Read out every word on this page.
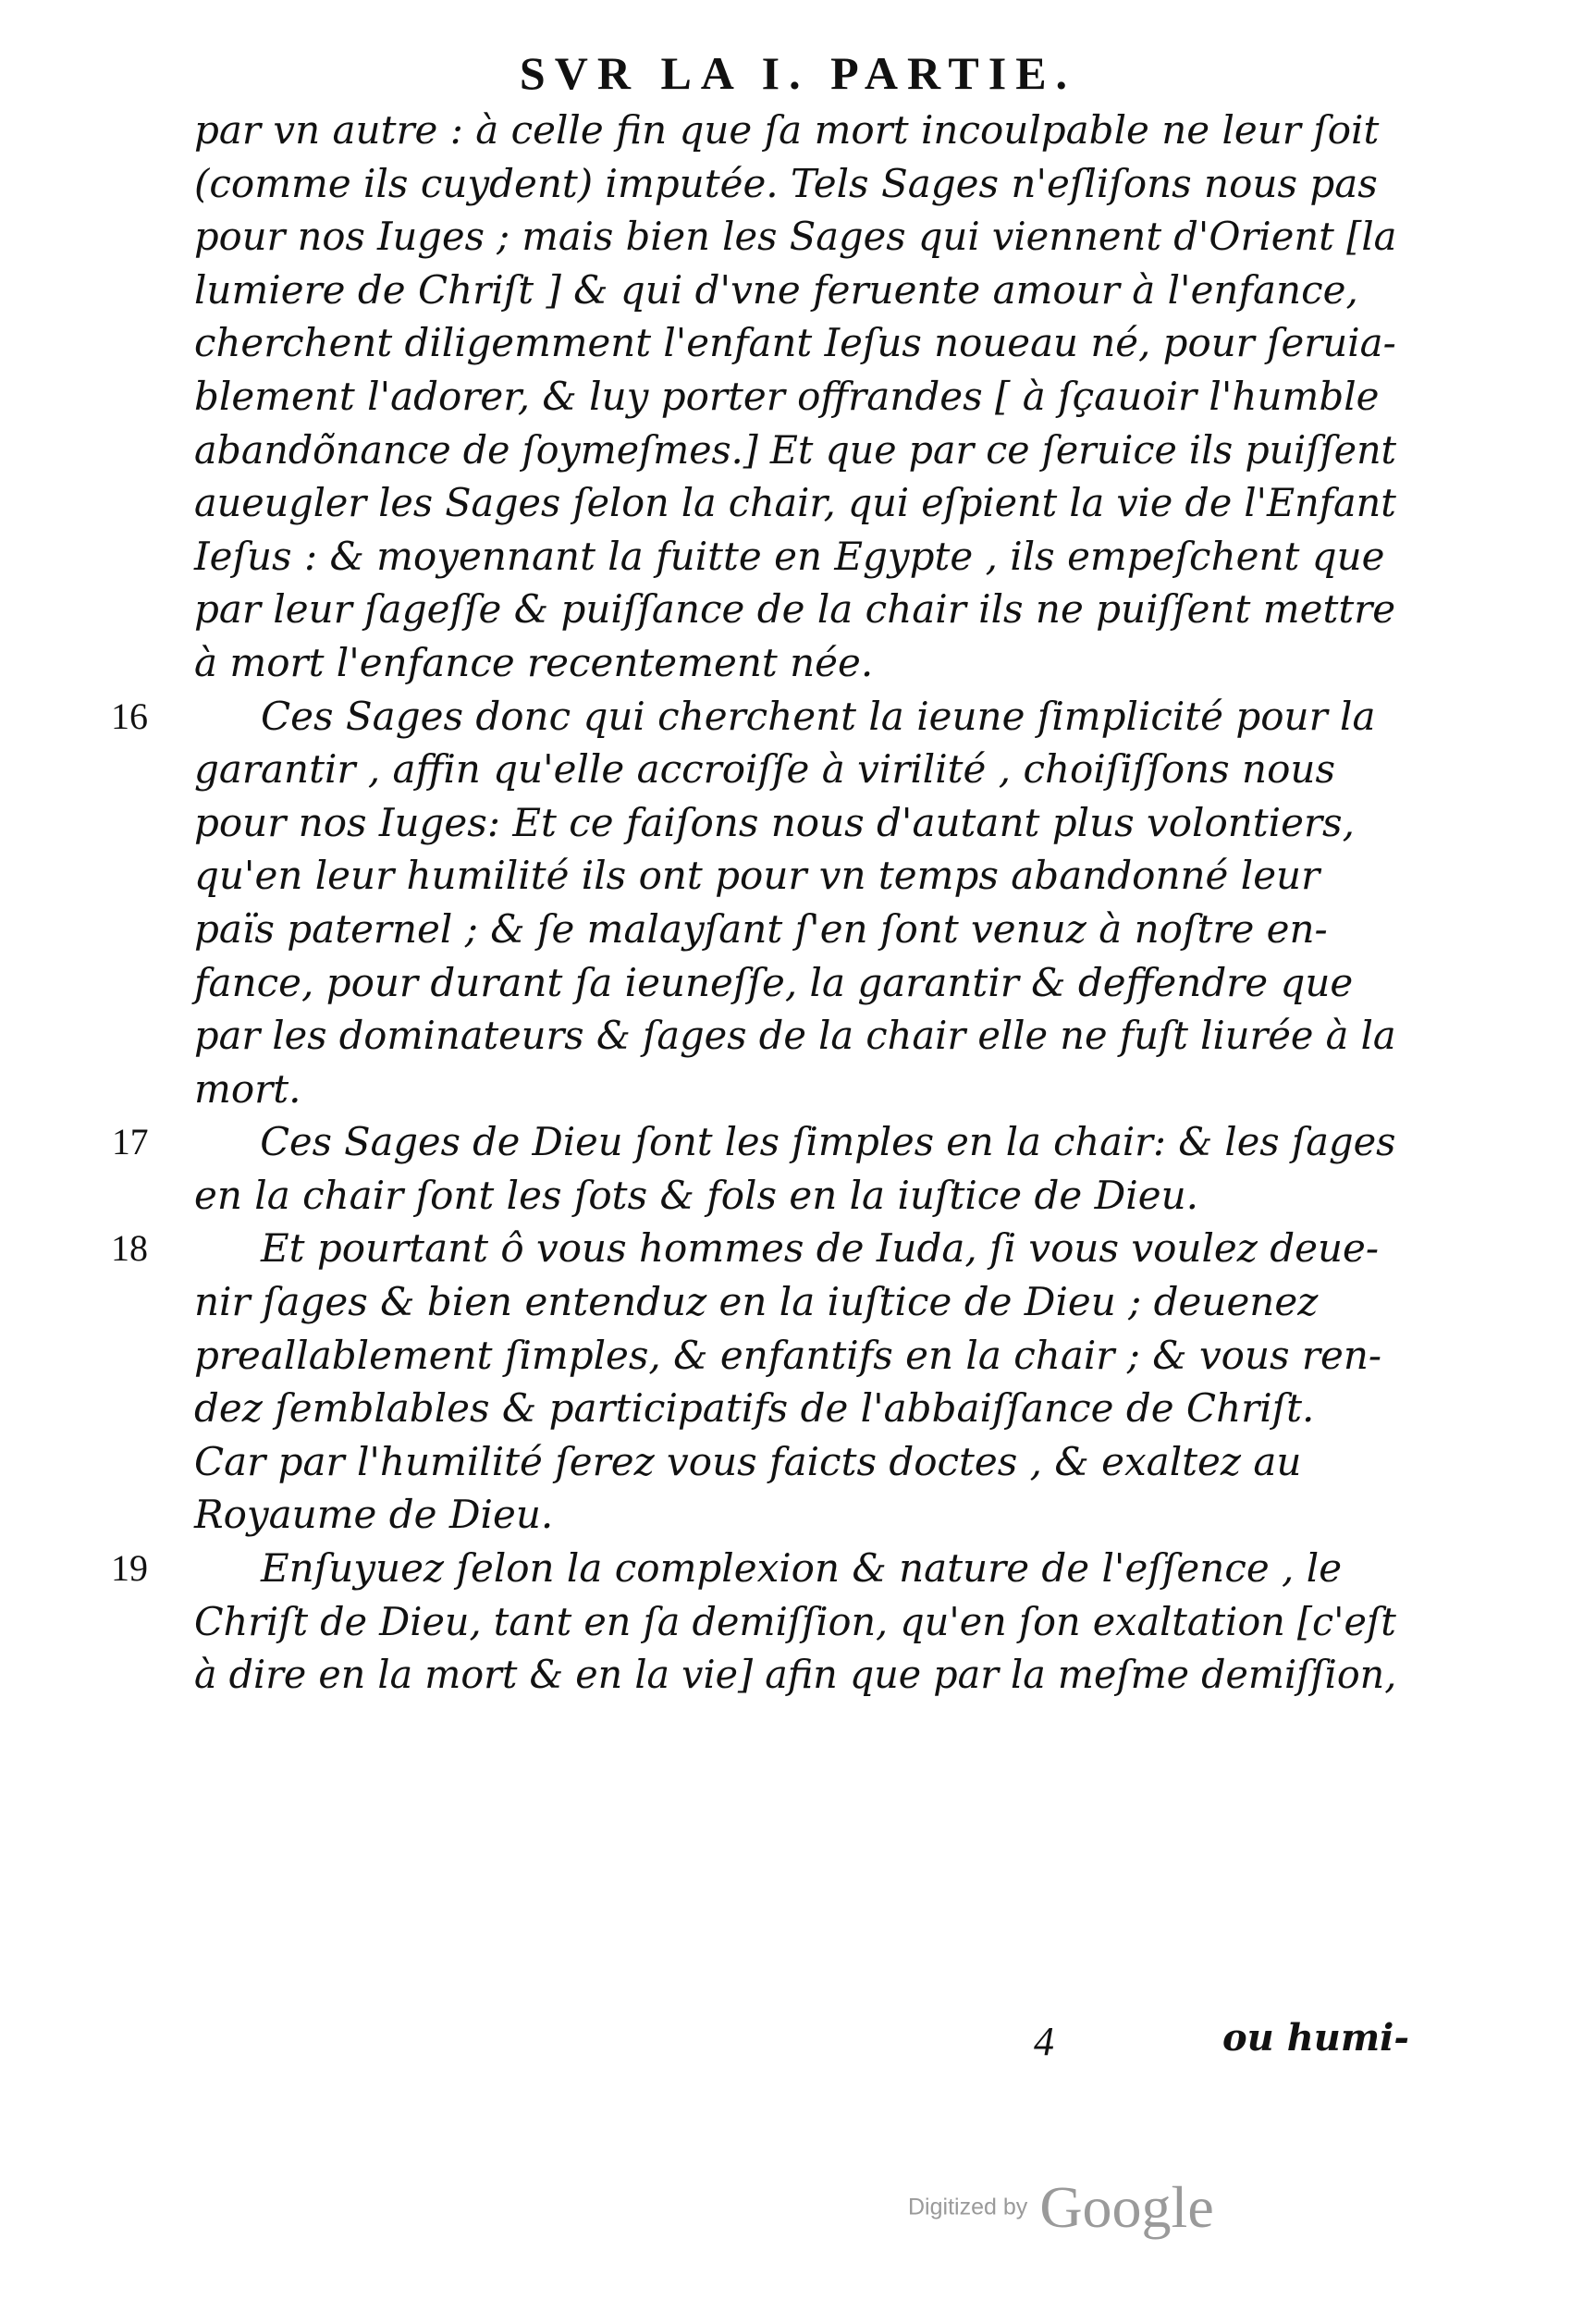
SVR LA I. PARTIE.
par vn autre : à celle fin que ſa mort incoulpable ne leur ſoit
(comme ils cuydent) imputée. Tels Sages n'eſliſons nous pas
pour nos Iuges ; mais bien les Sages qui viennent d'Orient [la
lumiere de Chriſt ] & qui d'vne feruente amour à l'enfance,
cherchent diligemment l'enfant Ieſus noueau né, pour ſeruia-
blement l'adorer, & luy porter offrandes [ à ſçauoir l'humble
abandõnance de ſoymeſmes.] Et que par ce ſeruice ils puiſſent
aueugler les Sages ſelon la chair, qui eſpient la vie de l'Enfant
Ieſus : & moyennant la fuitte en Egypte , ils empeſchent que
par leur ſageſſe & puiſſance de la chair ils ne puiſſent mettre
à mort l'enfance recentement née.
16	Ces Sages donc qui cherchent la ieune ſimplicité pour la
garantir , affin qu'elle accroiſſe à virilité , choiſiſſons nous
pour nos Iuges: Et ce faiſons nous d'autant plus volontiers,
qu'en leur humilité ils ont pour vn temps abandonné leur
païs paternel ; & ſe malayſant ſ'en ſont venuz à noſtre en-
fance, pour durant ſa ieuneſſe, la garantir & deffendre que
par les dominateurs & ſages de la chair elle ne fuſt liurée à la
mort.
17	Ces Sages de Dieu ſont les ſimples en la chair: & les ſages
en la chair ſont les ſots & fols en la iuſtice de Dieu.
18	Et pourtant ô vous hommes de Iuda, ſi vous voulez deue-
nir ſages & bien entenduz en la iuſtice de Dieu ; deuenez
preallablement ſimples, & enfantifs en la chair ; & vous ren-
dez ſemblables & participatifs de l'abbaiſſance de Chriſt.
Car par l'humilité ſerez vous faicts doctes , & exaltez au
Royaume de Dieu.
19	Enſuyuez ſelon la complexion & nature de l'eſſence , le
Chriſt de Dieu, tant en ſa demiſſion, qu'en ſon exaltation [c'eſt
à dire en la mort & en la vie] afin que par la meſme demiſſion,
4	ou humi-
Digitized by Google
